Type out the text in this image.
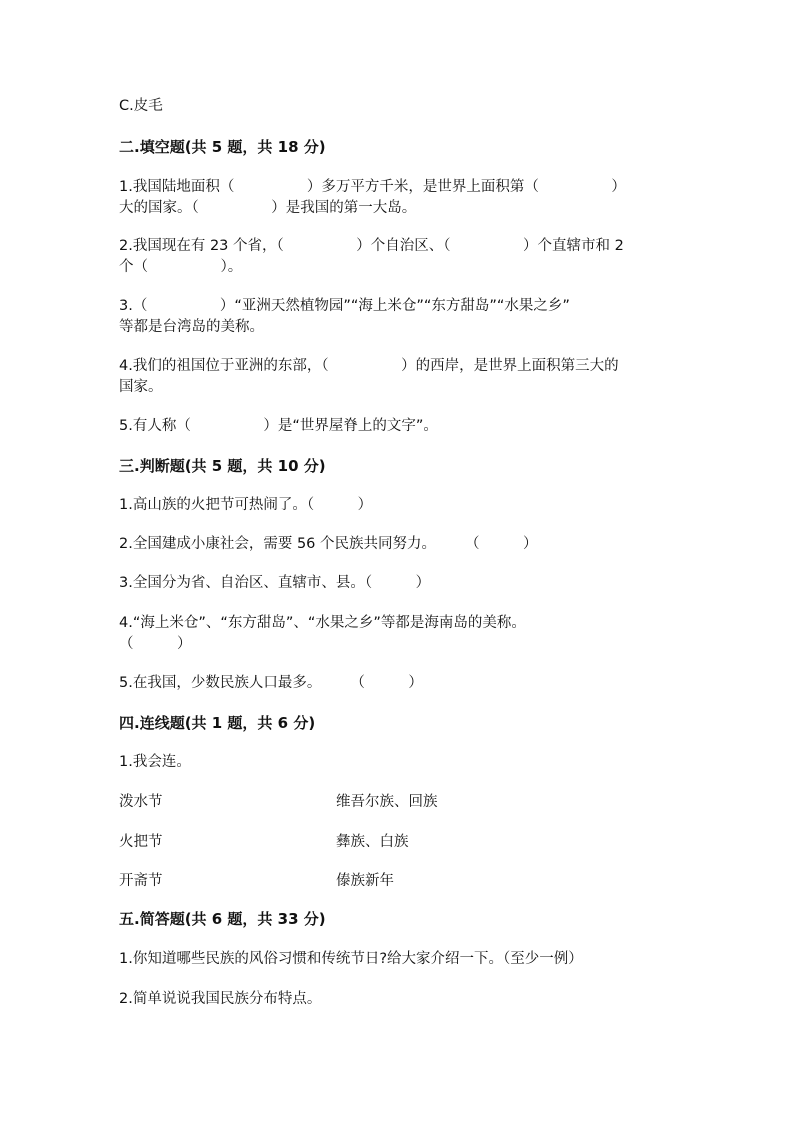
C.皮毛
二.填空题(共 5 题，共 18 分)
1.我国陆地面积（　　　　　）多万平方千米，是世界上面积第（　　　　　）
大的国家。（　　　　　）是我国的第一大岛。
2.我国现在有 23 个省，（　　　　　）个自治区、（　　　　　）个直辖市和 2
个（　　　　　）。
3.（　　　　　）“亚洲天然植物园”“海上米仓”“东方甜岛”“水果之乡”
等都是台湾岛的美称。
4.我们的祖国位于亚洲的东部，（　　　　　）的西岸，是世界上面积第三大的
国家。
5.有人称（　　　　　）是“世界屋脊上的文字”。
三.判断题(共 5 题，共 10 分)
1.高山族的火把节可热闹了。（　　　）
2.全国建成小康社会，需要 56 个民族共同努力。　　　（　　　）
3.全国分为省、自治区、直辖市、县。（　　　）
4.“海上米仓”、“东方甜岛”、“水果之乡”等都是海南岛的美称。
（　　　）
5.在我国，少数民族人口最多。　　　（　　　）
四.连线题(共 1 题，共 6 分)
1.我会连。
泼水节	维吾尔族、回族
火把节	彝族、白族
开斋节	傣族新年
五.简答题(共 6 题，共 33 分)
1.你知道哪些民族的风俗习惯和传统节日?给大家介绍一下。（至少一例）
2.简单说说我国民族分布特点。
